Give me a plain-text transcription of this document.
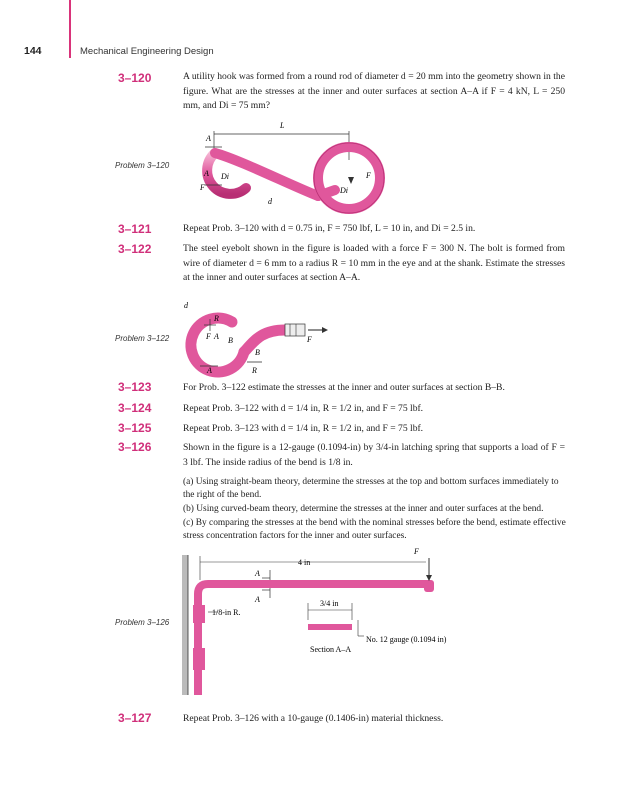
144	Mechanical Engineering Design
3–120	A utility hook was formed from a round rod of diameter d = 20 mm into the geometry shown in the figure. What are the stresses at the inner and outer surfaces at section A–A if F = 4 kN, L = 250 mm, and Di = 75 mm?
Problem 3–120
A
L
A Di
F
d
F
Di
3–121	Repeat Prob. 3–120 with d = 0.75 in, F = 750 lbf, L = 10 in, and Di = 2.5 in.
3–122	The steel eyebolt shown in the figure is loaded with a force F = 300 N. The bolt is formed from wire of diameter d = 6 mm to a radius R = 10 mm in the eye and at the shank. Estimate the stresses at the inner and outer surfaces at section A–A.
Problem 3–122
d
R
F A B
B
F
A	R
3–123	For Prob. 3–122 estimate the stresses at the inner and outer surfaces at section B–B.
3–124	Repeat Prob. 3–122 with d = 1/4 in, R = 1/2 in, and F = 75 lbf.
3–125	Repeat Prob. 3–123 with d = 1/4 in, R = 1/2 in, and F = 75 lbf.
3–126	Shown in the figure is a 12-gauge (0.1094-in) by 3/4-in latching spring that supports a load of F = 3 lbf. The inside radius of the bend is 1/8 in.
(a) Using straight-beam theory, determine the stresses at the top and bottom surfaces immediately to the right of the bend.
(b) Using curved-beam theory, determine the stresses at the inner and outer surfaces at the bend.
(c) By comparing the stresses at the bend with the nominal stresses before the bend, estimate effective stress concentration factors for the inner and outer surfaces.
Problem 3–126
4 in
F
A
A
1/8-in R.
3/4 in
Section A–A
No. 12 gauge (0.1094 in)
3–127	Repeat Prob. 3–126 with a 10-gauge (0.1406-in) material thickness.
